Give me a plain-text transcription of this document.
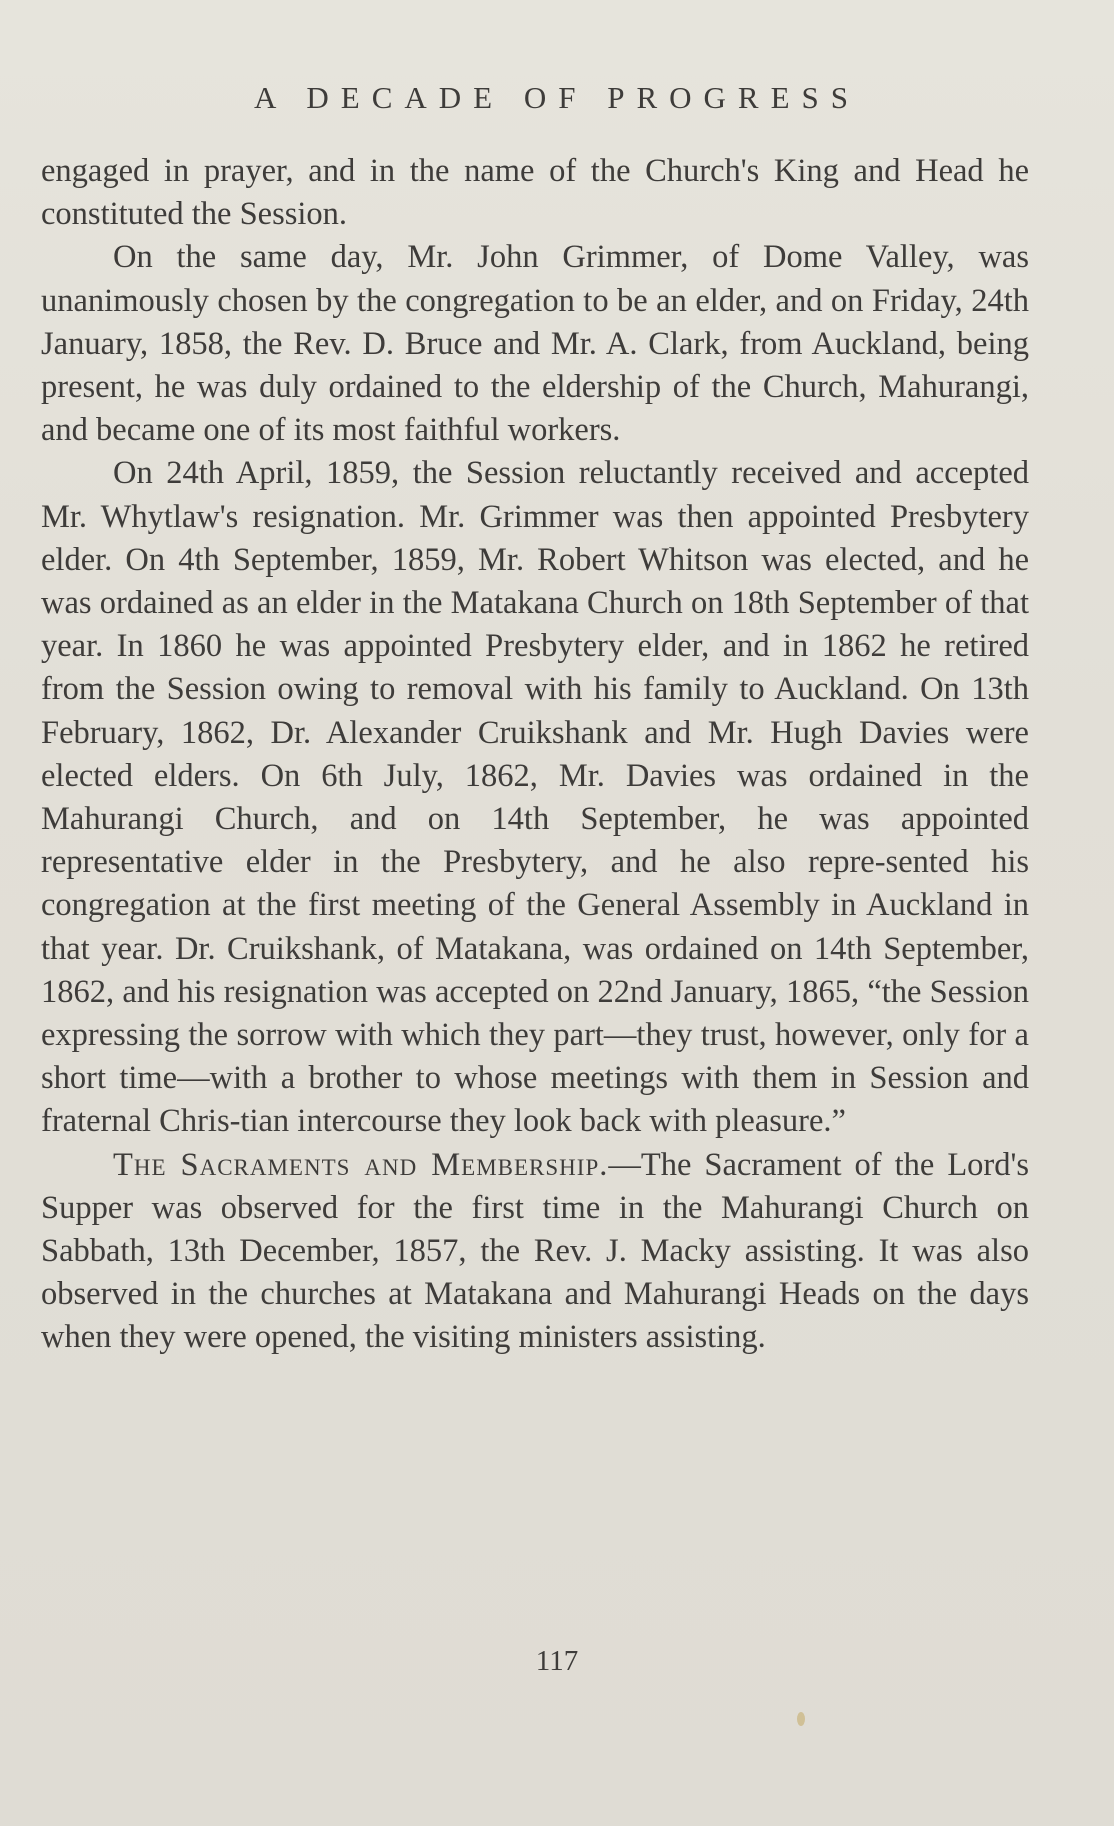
A DECADE OF PROGRESS

engaged in prayer, and in the name of the Church's King and Head he constituted the Session.

On the same day, Mr. John Grimmer, of Dome Valley, was unanimously chosen by the congregation to be an elder, and on Friday, 24th January, 1858, the Rev. D. Bruce and Mr. A. Clark, from Auckland, being present, he was duly ordained to the eldership of the Church, Mahurangi, and became one of its most faithful workers.

On 24th April, 1859, the Session reluctantly received and accepted Mr. Whytlaw's resignation. Mr. Grimmer was then appointed Presbytery elder. On 4th September, 1859, Mr. Robert Whitson was elected, and he was ordained as an elder in the Matakana Church on 18th September of that year. In 1860 he was appointed Presbytery elder, and in 1862 he retired from the Session owing to removal with his family to Auckland. On 13th February, 1862, Dr. Alexander Cruikshank and Mr. Hugh Davies were elected elders. On 6th July, 1862, Mr. Davies was ordained in the Mahurangi Church, and on 14th September, he was appointed representative elder in the Presbytery, and he also repre-sented his congregation at the first meeting of the General Assembly in Auckland in that year. Dr. Cruikshank, of Matakana, was ordained on 14th September, 1862, and his resignation was accepted on 22nd January, 1865, “the Session expressing the sorrow with which they part—they trust, however, only for a short time—with a brother to whose meetings with them in Session and fraternal Chris-tian intercourse they look back with pleasure.”

The Sacraments and Membership.—The Sacrament of the Lord's Supper was observed for the first time in the Mahurangi Church on Sabbath, 13th December, 1857, the Rev. J. Macky assisting. It was also observed in the churches at Matakana and Mahurangi Heads on the days when they were opened, the visiting ministers assisting.

117
